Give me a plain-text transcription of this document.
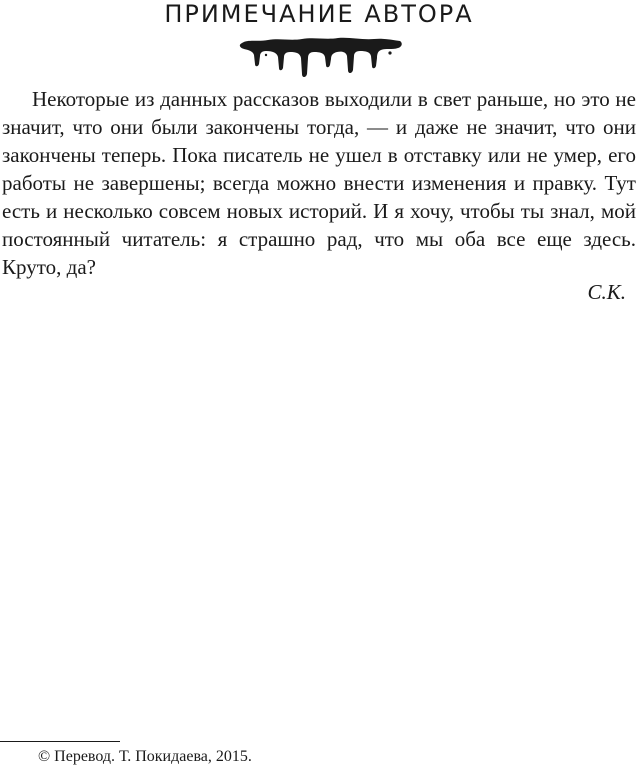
ПРИМЕЧАНИЕ АВТОРА

Некоторые из данных рассказов выходили в свет раньше, но это не значит, что они были закончены тогда, — и даже не значит, что они закончены теперь. Пока писатель не ушел в отставку или не умер, его работы не завершены; всегда можно внести изменения и правку. Тут есть и несколько совсем новых историй. И я хочу, чтобы ты знал, мой постоянный читатель: я страшно рад, что мы оба все еще здесь. Круто, да?

С.К.

© Перевод. Т. Покидаева, 2015.
